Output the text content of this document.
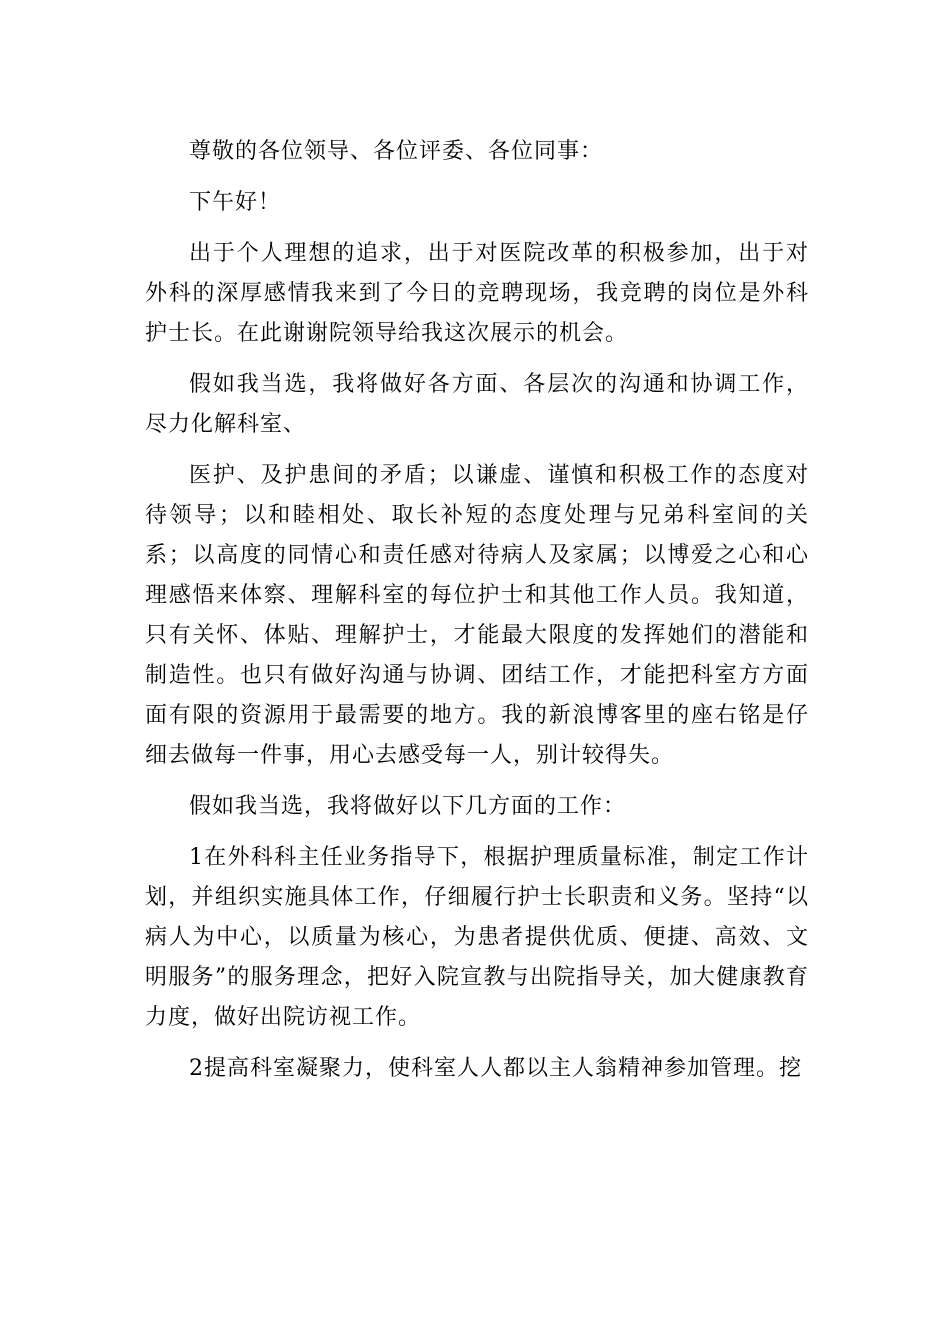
尊敬的各位领导、各位评委、各位同事：

下午好！

出于个人理想的追求，出于对医院改革的积极参加，出于对外科的深厚感情我来到了今日的竞聘现场，我竞聘的岗位是外科护士长。在此谢谢院领导给我这次展示的机会。

假如我当选，我将做好各方面、各层次的沟通和协调工作，尽力化解科室、

医护、及护患间的矛盾；以谦虚、谨慎和积极工作的态度对待领导；以和睦相处、取长补短的态度处理与兄弟科室间的关系；以高度的同情心和责任感对待病人及家属；以博爱之心和心理感悟来体察、理解科室的每位护士和其他工作人员。我知道，只有关怀、体贴、理解护士，才能最大限度的发挥她们的潜能和制造性。也只有做好沟通与协调、团结工作，才能把科室方方面面有限的资源用于最需要的地方。我的新浪博客里的座右铭是仔细去做每一件事，用心去感受每一人，别计较得失。

假如我当选，我将做好以下几方面的工作：

1在外科科主任业务指导下，根据护理质量标准，制定工作计划，并组织实施具体工作，仔细履行护士长职责和义务。坚持“以病人为中心，以质量为核心，为患者提供优质、便捷、高效、文明服务”的服务理念，把好入院宣教与出院指导关，加大健康教育力度，做好出院访视工作。

2提高科室凝聚力，使科室人人都以主人翁精神参加管理。挖
